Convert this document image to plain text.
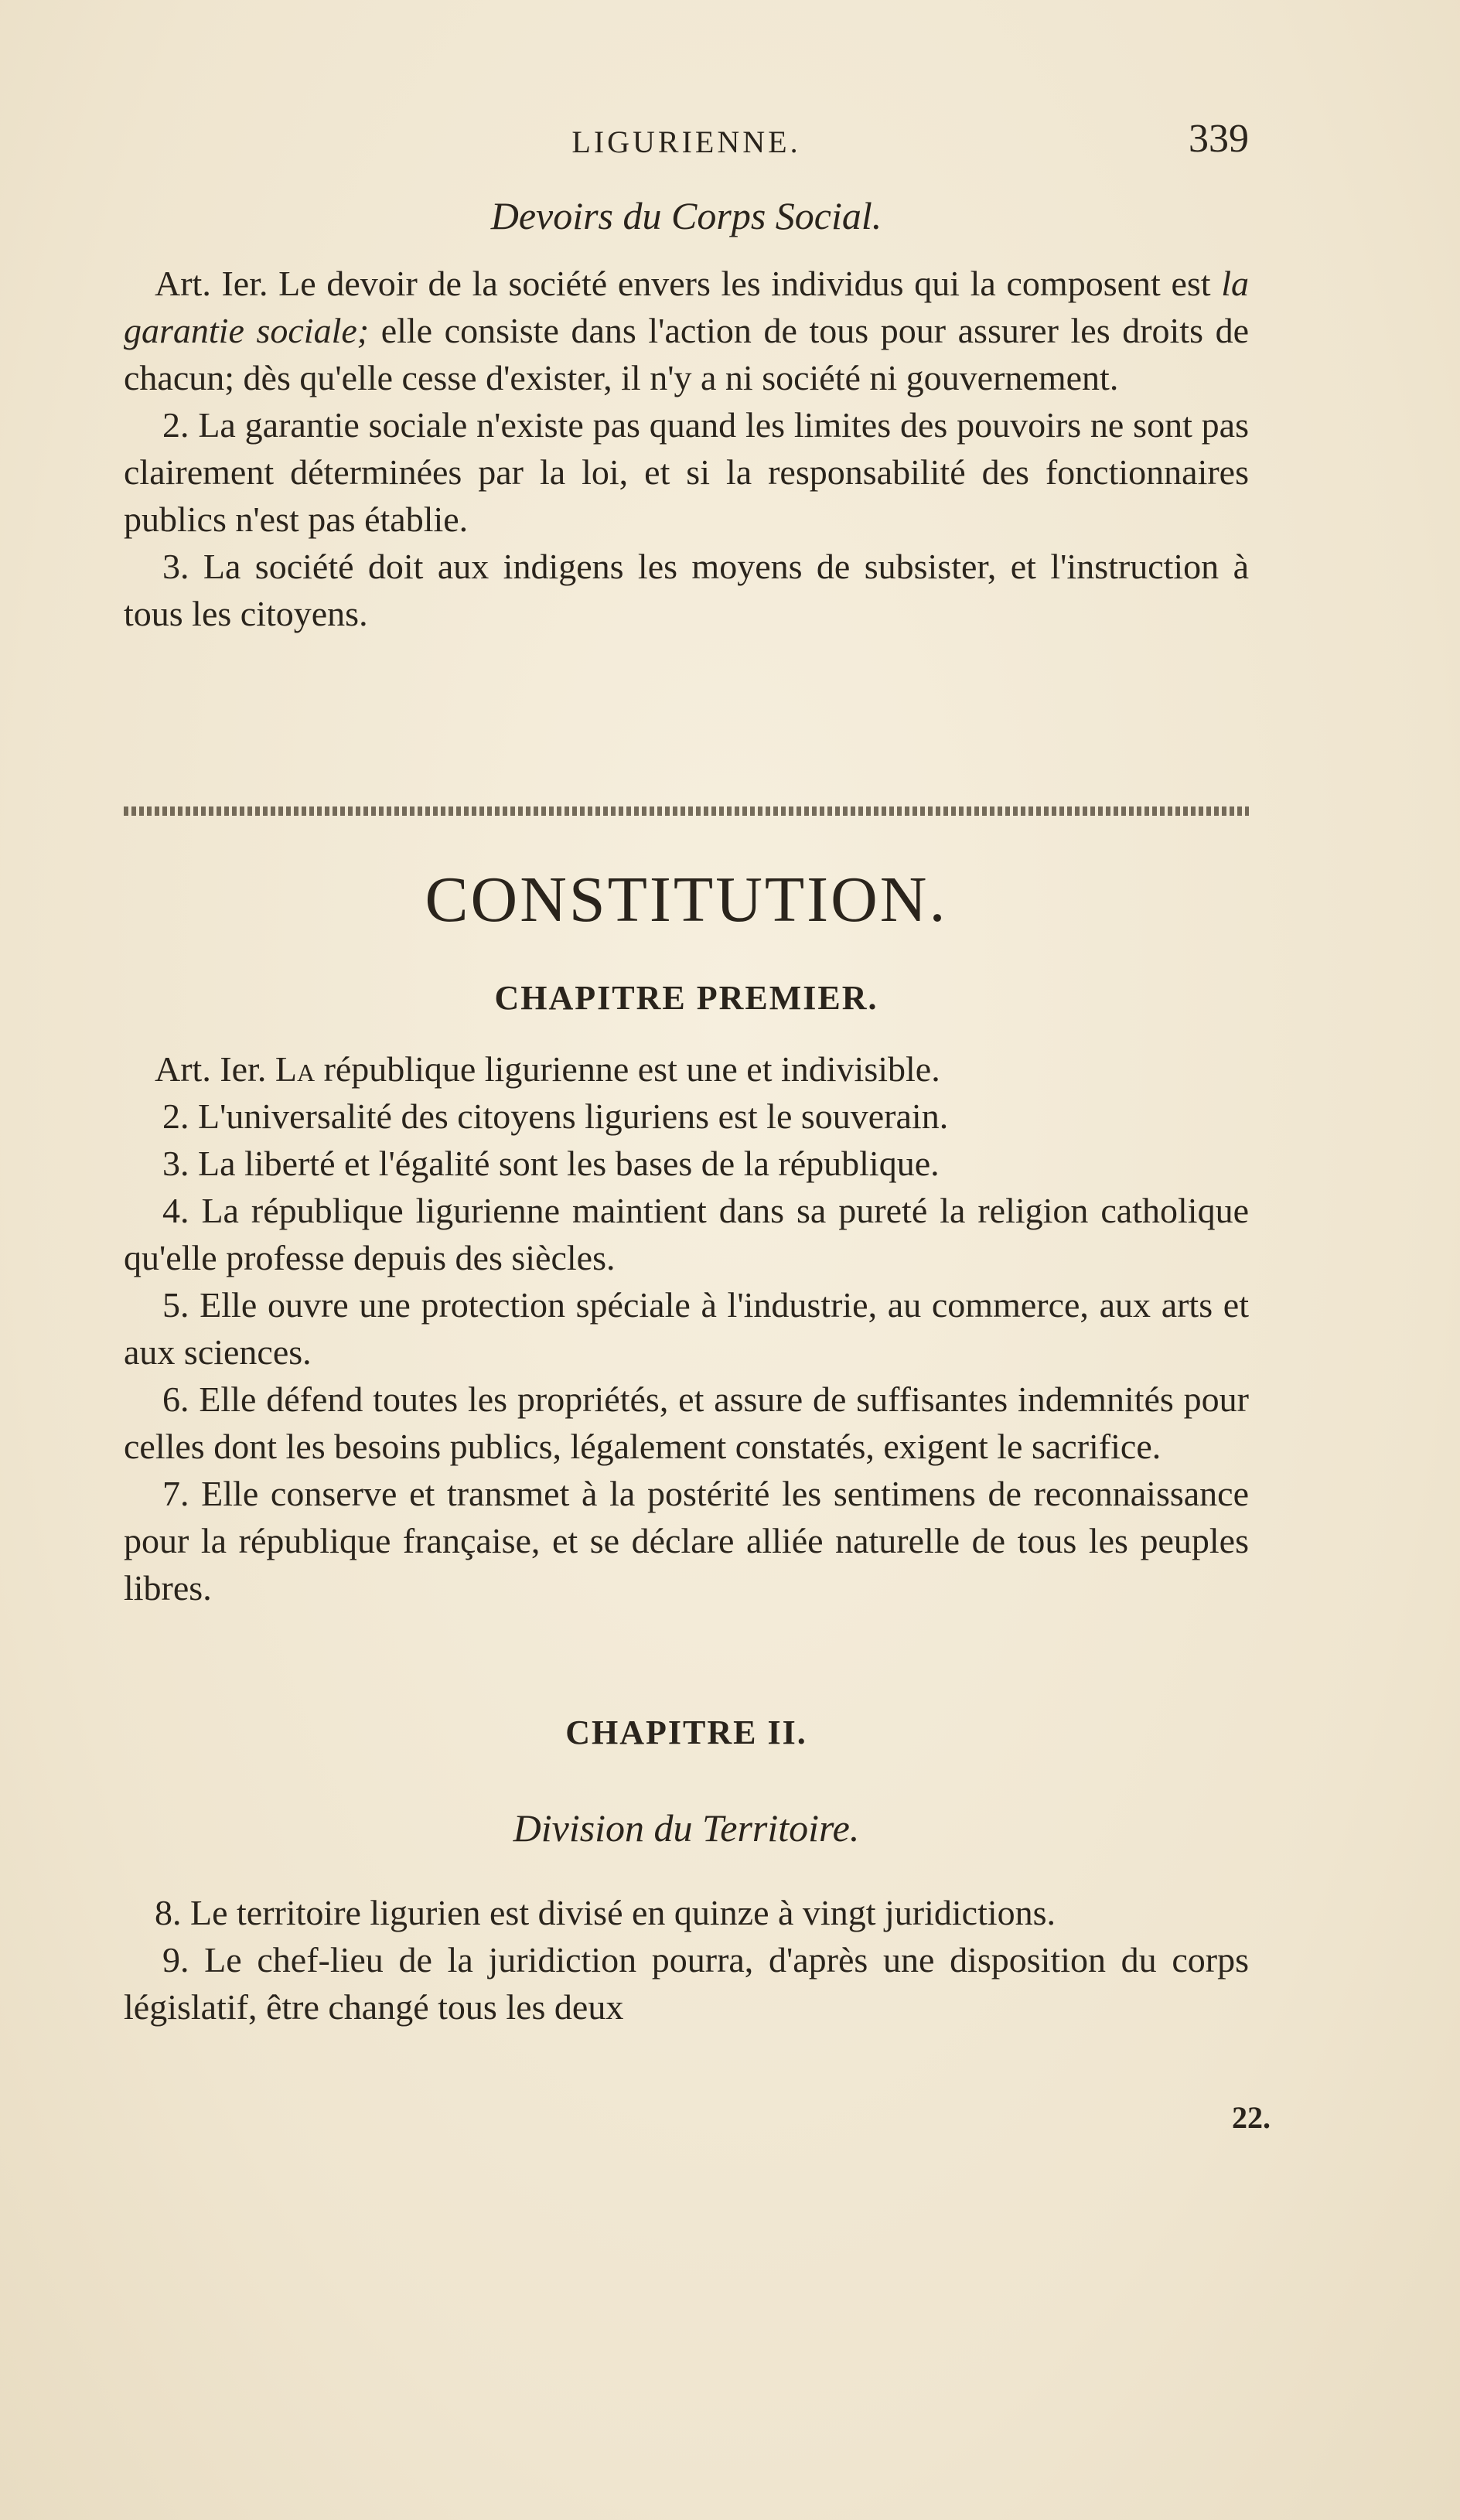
LIGURIENNE.	339
Devoirs du Corps Social.

Art. Ier. Le devoir de la société envers les individus qui la composent est la garantie sociale; elle consiste dans l'action de tous pour assurer les droits de chacun; dès qu'elle cesse d'exister, il n'y a ni société ni gouvernement.

2. La garantie sociale n'existe pas quand les limites des pouvoirs ne sont pas clairement déterminées par la loi, et si la responsabilité des fonctionnaires publics n'est pas établie.

3. La société doit aux indigens les moyens de subsister, et l'instruction à tous les citoyens.

CONSTITUTION.
CHAPITRE PREMIER.

Art. Ier. La république ligurienne est une et indivisible.

2. L'universalité des citoyens liguriens est le souverain.

3. La liberté et l'égalité sont les bases de la république.

4. La république ligurienne maintient dans sa pureté la religion catholique qu'elle professe depuis des siècles.

5. Elle ouvre une protection spéciale à l'industrie, au commerce, aux arts et aux sciences.

6. Elle défend toutes les propriétés, et assure de suffisantes indemnités pour celles dont les besoins publics, légalement constatés, exigent le sacrifice.

7. Elle conserve et transmet à la postérité les sentimens de reconnaissance pour la république française, et se déclare alliée naturelle de tous les peuples libres.

CHAPITRE II.
Division du Territoire.

8. Le territoire ligurien est divisé en quinze à vingt juridictions.

9. Le chef-lieu de la juridiction pourra, d'après une disposition du corps législatif, être changé tous les deux

22.
